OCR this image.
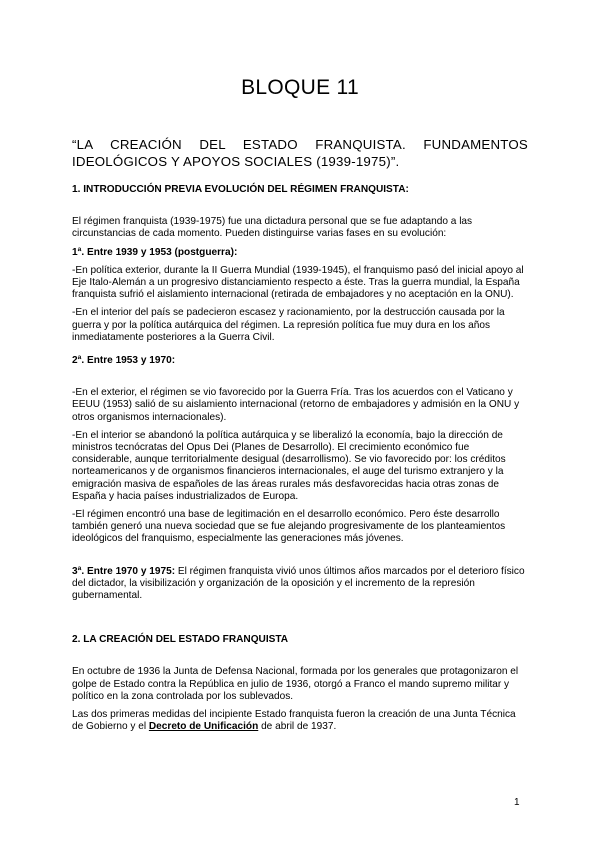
BLOQUE 11
“LA CREACIÓN DEL ESTADO FRANQUISTA. FUNDAMENTOS
IDEOLÓGICOS Y APOYOS SOCIALES (1939-1975)”.

1. INTRODUCCIÓN PREVIA EVOLUCIÓN DEL RÉGIMEN FRANQUISTA:

El régimen franquista (1939-1975) fue una dictadura personal que se fue adaptando a las circunstancias de cada momento. Pueden distinguirse varias fases en su evolución:

1ª. Entre 1939 y 1953 (postguerra):

-En política exterior, durante la II Guerra Mundial (1939-1945), el franquismo pasó del inicial apoyo al Eje Italo-Alemán a un progresivo distanciamiento respecto a éste. Tras la guerra mundial, la España franquista sufrió el aislamiento internacional (retirada de embajadores y no aceptación en la ONU).

-En el interior del país se padecieron escasez y racionamiento, por la destrucción causada por la guerra y por la política autárquica del régimen. La represión política fue muy dura en los años inmediatamente posteriores a la Guerra Civil.

2ª. Entre 1953 y 1970:

-En el exterior, el régimen se vio favorecido por la Guerra Fría. Tras los acuerdos con el Vaticano y EEUU (1953) salió de su aislamiento internacional (retorno de embajadores y admisión en la ONU y otros organismos internacionales).

-En el interior se abandonó la política autárquica y se liberalizó la economía, bajo la dirección de ministros tecnócratas del Opus Dei (Planes de Desarrollo). El crecimiento económico fue considerable, aunque territorialmente desigual (desarrollismo). Se vio favorecido por: los créditos norteamericanos y de organismos financieros internacionales, el auge del turismo extranjero y la emigración masiva de españoles de las áreas rurales más desfavorecidas hacia otras zonas de España y hacia países industrializados de Europa.

-El régimen encontró una base de legitimación en el desarrollo económico. Pero éste desarrollo también generó una nueva sociedad que se fue alejando progresivamente de los planteamientos ideológicos del franquismo, especialmente las generaciones más jóvenes.

3ª. Entre 1970 y 1975: El régimen franquista vivió unos últimos años marcados por el deterioro físico del dictador, la visibilización y organización de la oposición y el incremento de la represión gubernamental.

2. LA CREACIÓN DEL ESTADO FRANQUISTA

En octubre de 1936 la Junta de Defensa Nacional, formada por los generales que protagonizaron el golpe de Estado contra la República en julio de 1936, otorgó a Franco el mando supremo militar y político en la zona controlada por los sublevados.

Las dos primeras medidas del incipiente Estado franquista fueron la creación de una Junta Técnica de Gobierno y el Decreto de Unificación de abril de 1937.

1
